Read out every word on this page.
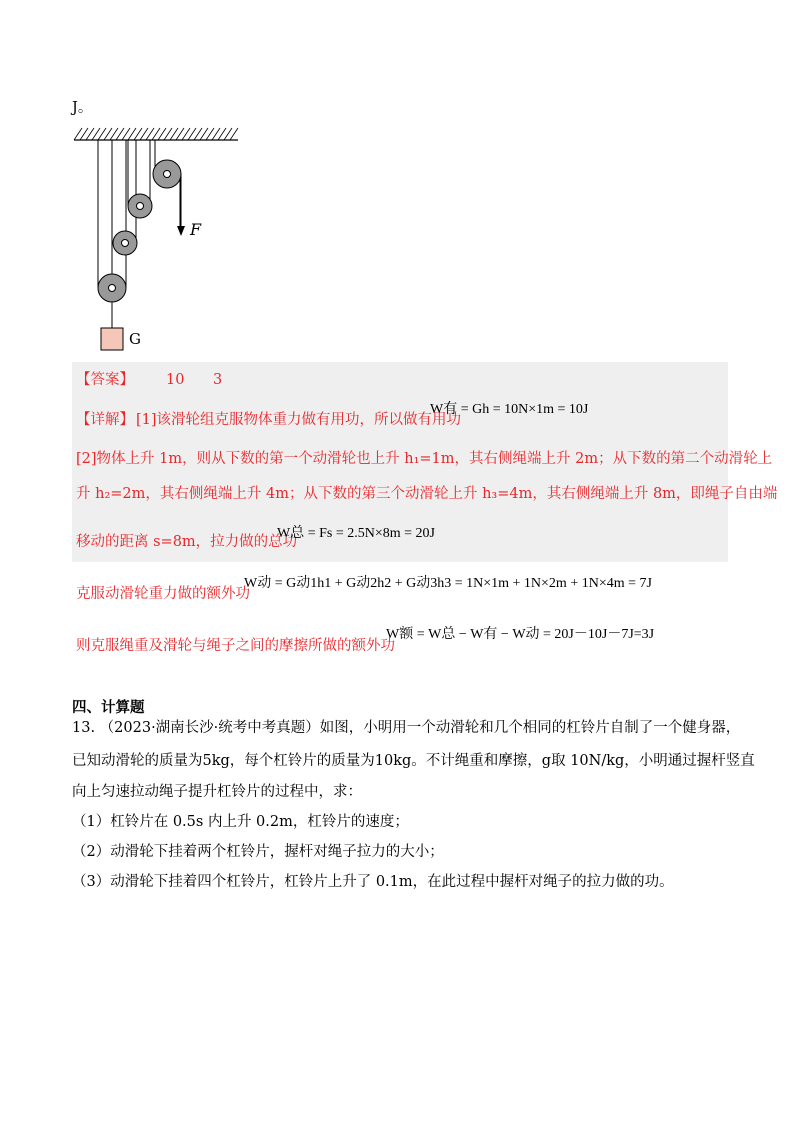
J。
F
G
【答案】 10 3
【详解】 [1]该滑轮组克服物体重力做有用功，所以做有用功
W有 = Gh = 10N×1m = 10J
[2]物体上升 1m，则从下数的第一个动滑轮也上升 h₁=1m，其右侧绳端上升 2m；从下数的第二个动滑轮上
升 h₂=2m，其右侧绳端上升 4m；从下数的第三个动滑轮上升 h₃=4m，其右侧绳端上升 8m，即绳子自由端
移动的距离 s=8m，拉力做的总功
W总 = Fs = 2.5N×8m = 20J
克服动滑轮重力做的额外功
W动 = G动1h1 + G动2h2 + G动3h3 = 1N×1m + 1N×2m + 1N×4m = 7J
则克服绳重及滑轮与绳子之间的摩擦所做的额外功
W额 = W总 − W有 − W动 = 20J－10J－7J=3J
四、计算题
13. （2023·湖南长沙·统考中考真题）如图，小明用一个动滑轮和几个相同的杠铃片自制了一个健身器，
已知动滑轮的质量为5kg，每个杠铃片的质量为10kg。不计绳重和摩擦，g取 10N/kg，小明通过握杆竖直
向上匀速拉动绳子提升杠铃片的过程中，求：
（1）杠铃片在 0.5s 内上升 0.2m，杠铃片的速度；
（2）动滑轮下挂着两个杠铃片，握杆对绳子拉力的大小；
（3）动滑轮下挂着四个杠铃片，杠铃片上升了 0.1m，在此过程中握杆对绳子的拉力做的功。
